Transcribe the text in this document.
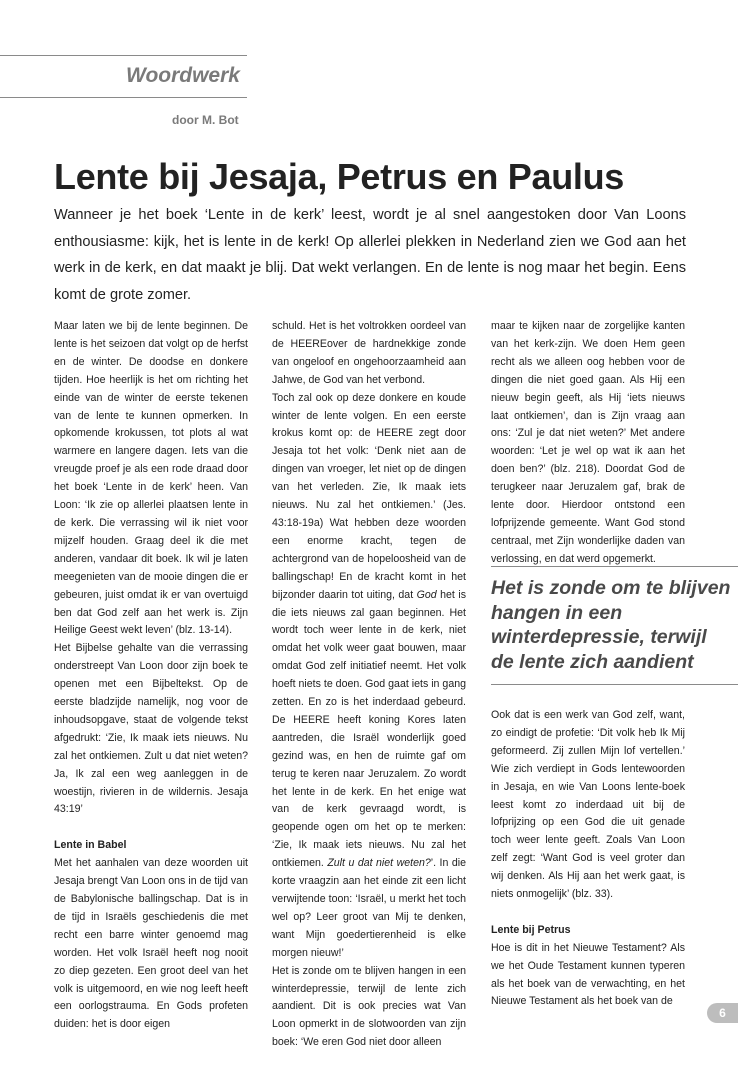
Woordwerk
door M. Bot
Lente bij Jesaja, Petrus en Paulus

Wanneer je het boek ‘Lente in de kerk’ leest, wordt je al snel aangestoken door Van Loons enthousiasme: kijk, het is lente in de kerk! Op allerlei plekken in Nederland zien we God aan het werk in de kerk, en dat maakt je blij. Dat wekt verlangen. En de lente is nog maar het begin. Eens komt de grote zomer.

Maar laten we bij de lente beginnen. De lente is het seizoen dat volgt op de herfst en de winter. De doodse en donkere tijden. Hoe heerlijk is het om richting het einde van de winter de eerste tekenen van de lente te kunnen opmerken. In opkomende krokussen, tot plots al wat warmere en langere dagen. Iets van die vreugde proef je als een rode draad door het boek ‘Lente in de kerk’ heen. Van Loon: ‘Ik zie op allerlei plaatsen lente in de kerk. Die verrassing wil ik niet voor mijzelf houden. Graag deel ik die met anderen, vandaar dit boek. Ik wil je laten meegenieten van de mooie dingen die er gebeuren, juist omdat ik er van overtuigd ben dat God zelf aan het werk is. Zijn Heilige Geest wekt leven’ (blz. 13-14).

Het Bijbelse gehalte van die verrassing onderstreept Van Loon door zijn boek te openen met een Bijbeltekst. Op de eerste bladzijde namelijk, nog voor de inhoudsopgave, staat de volgende tekst afgedrukt: ‘Zie, Ik maak iets nieuws. Nu zal het ontkiemen. Zult u dat niet weten? Ja, Ik zal een weg aanleggen in de woestijn, rivieren in de wildernis. Jesaja 43:19’

Lente in Babel

Met het aanhalen van deze woorden uit Jesaja brengt Van Loon ons in de tijd van de Babylonische ballingschap. Dat is in de tijd in Israëls geschiedenis die met recht een barre winter genoemd mag worden. Het volk Israël heeft nog nooit zo diep gezeten. Een groot deel van het volk is uitgemoord, en wie nog leeft heeft een oorlogstrauma. En Gods profeten duiden: het is door eigen

schuld. Het is het voltrokken oordeel van de HEEREover de hardnekkige zonde van ongeloof en ongehoorzaamheid aan Jahwe, de God van het verbond.

Toch zal ook op deze donkere en koude winter de lente volgen. En een eerste krokus komt op: de HEERE zegt door Jesaja tot het volk: ‘Denk niet aan de dingen van vroeger, let niet op de dingen van het verleden. Zie, Ik maak iets nieuws. Nu zal het ontkiemen.’ (Jes. 43:18-19a) Wat hebben deze woorden een enorme kracht, tegen de achtergrond van de hopeloosheid van de ballingschap! En de kracht komt in het bijzonder daarin tot uiting, dat God het is die iets nieuws zal gaan beginnen. Het wordt toch weer lente in de kerk, niet omdat het volk weer gaat bouwen, maar omdat God zelf initiatief neemt. Het volk hoeft niets te doen. God gaat iets in gang zetten. En zo is het inderdaad gebeurd. De HEERE heeft koning Kores laten aantreden, die Israël wonderlijk goed gezind was, en hen de ruimte gaf om terug te keren naar Jeruzalem. Zo wordt het lente in de kerk. En het enige wat van de kerk gevraagd wordt, is geopende ogen om het op te merken: ‘Zie, Ik maak iets nieuws. Nu zal het ontkiemen. Zult u dat niet weten?’. In die korte vraagzin aan het einde zit een licht verwijtende toon: ‘Israël, u merkt het toch wel op? Leer groot van Mij te denken, want Mijn goedertierenheid is elke morgen nieuw!’

Het is zonde om te blijven hangen in een winterdepressie, terwijl de lente zich aandient. Dit is ook precies wat Van Loon opmerkt in de slotwoorden van zijn boek: ‘We eren God niet door alleen

maar te kijken naar de zorgelijke kanten van het kerk-zijn. We doen Hem geen recht als we alleen oog hebben voor de dingen die niet goed gaan. Als Hij een nieuw begin geeft, als Hij ‘iets nieuws laat ontkiemen’, dan is Zijn vraag aan ons: ‘Zul je dat niet weten?’ Met andere woorden: ‘Let je wel op wat ik aan het doen ben?’ (blz. 218). Doordat God de terugkeer naar Jeruzalem gaf, brak de lente door. Hierdoor ontstond een lofprijzende gemeente. Want God stond centraal, met Zijn wonderlijke daden van verlossing, en dat werd opgemerkt.

Het is zonde om te blijven hangen in een winterdepressie, terwijl de lente zich aandient

Ook dat is een werk van God zelf, want, zo eindigt de profetie: ‘Dit volk heb Ik Mij geformeerd. Zij zullen Mijn lof vertellen.’ Wie zich verdiept in Gods lentewoorden in Jesaja, en wie Van Loons lente-boek leest komt zo inderdaad uit bij de lofprijzing op een God die uit genade toch weer lente geeft. Zoals Van Loon zelf zegt: ‘Want God is veel groter dan wij denken. Als Hij aan het werk gaat, is niets onmogelijk’ (blz. 33).

Lente bij Petrus

Hoe is dit in het Nieuwe Testament? Als we het Oude Testament kunnen typeren als het boek van de verwachting, en het Nieuwe Testament als het boek van de

6
